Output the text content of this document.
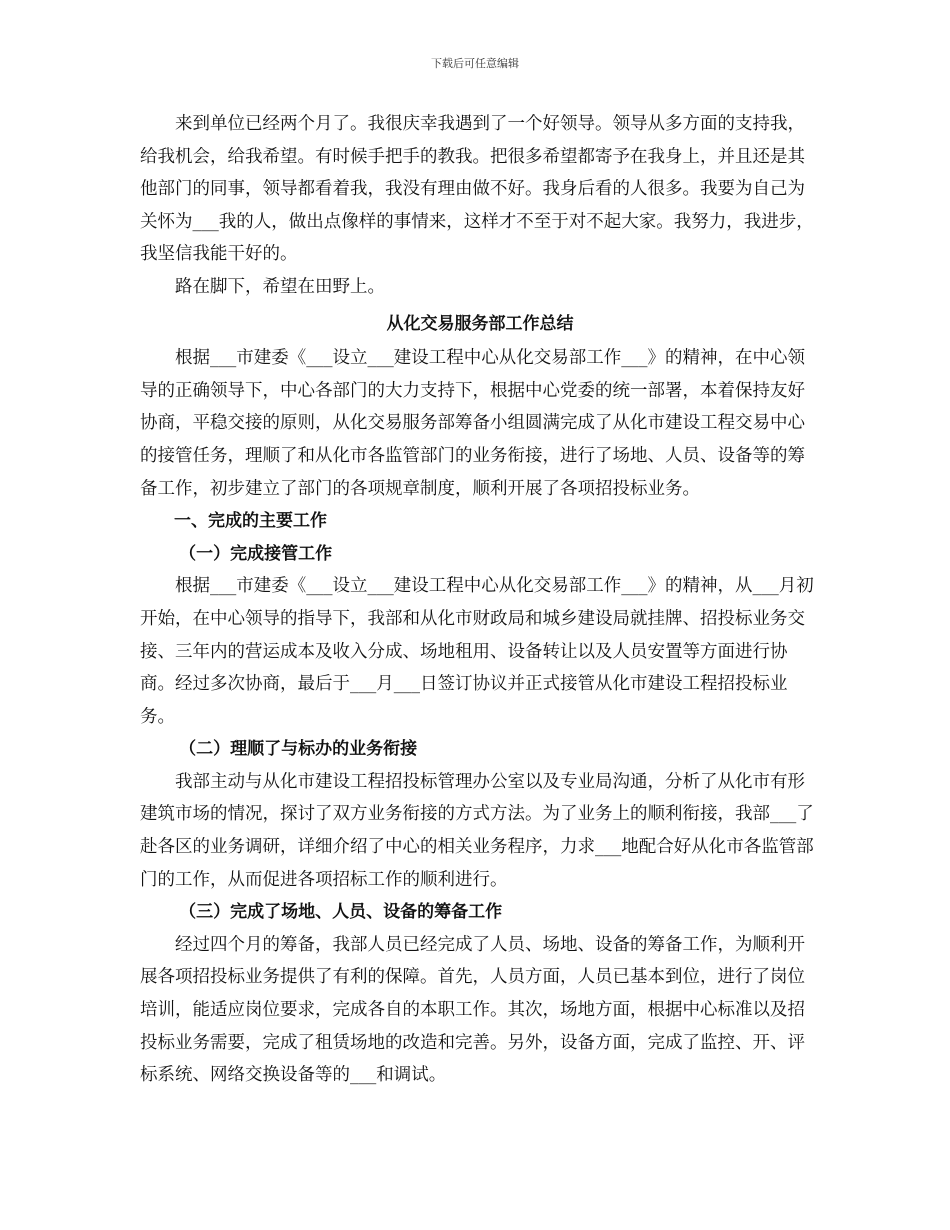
下载后可任意编辑

来到单位已经两个月了。我很庆幸我遇到了一个好领导。领导从多方面的支持我，给我机会，给我希望。有时候手把手的教我。把很多希望都寄予在我身上，并且还是其他部门的同事，领导都看着我，我没有理由做不好。我身后看的人很多。我要为自己为关怀为___我的人，做出点像样的事情来，这样才不至于对不起大家。我努力，我进步，我坚信我能干好的。

路在脚下，希望在田野上。

从化交易服务部工作总结

根据___市建委《___设立___建设工程中心从化交易部工作___》的精神，在中心领导的正确领导下，中心各部门的大力支持下，根据中心党委的统一部署，本着保持友好协商，平稳交接的原则，从化交易服务部筹备小组圆满完成了从化市建设工程交易中心的接管任务，理顺了和从化市各监管部门的业务衔接，进行了场地、人员、设备等的筹备工作，初步建立了部门的各项规章制度，顺利开展了各项招投标业务。

一、完成的主要工作

（一）完成接管工作

根据___市建委《___设立___建设工程中心从化交易部工作___》的精神，从___月初开始，在中心领导的指导下，我部和从化市财政局和城乡建设局就挂牌、招投标业务交接、三年内的营运成本及收入分成、场地租用、设备转让以及人员安置等方面进行协商。经过多次协商，最后于___月___日签订协议并正式接管从化市建设工程招投标业务。

（二）理顺了与标办的业务衔接

我部主动与从化市建设工程招投标管理办公室以及专业局沟通，分析了从化市有形建筑市场的情况，探讨了双方业务衔接的方式方法。为了业务上的顺利衔接，我部___了赴各区的业务调研，详细介绍了中心的相关业务程序，力求___地配合好从化市各监管部门的工作，从而促进各项招标工作的顺利进行。

（三）完成了场地、人员、设备的筹备工作

经过四个月的筹备，我部人员已经完成了人员、场地、设备的筹备工作，为顺利开展各项招投标业务提供了有利的保障。首先，人员方面，人员已基本到位，进行了岗位培训，能适应岗位要求，完成各自的本职工作。其次，场地方面，根据中心标准以及招投标业务需要，完成了租赁场地的改造和完善。另外，设备方面，完成了监控、开、评标系统、网络交换设备等的___和调试。
